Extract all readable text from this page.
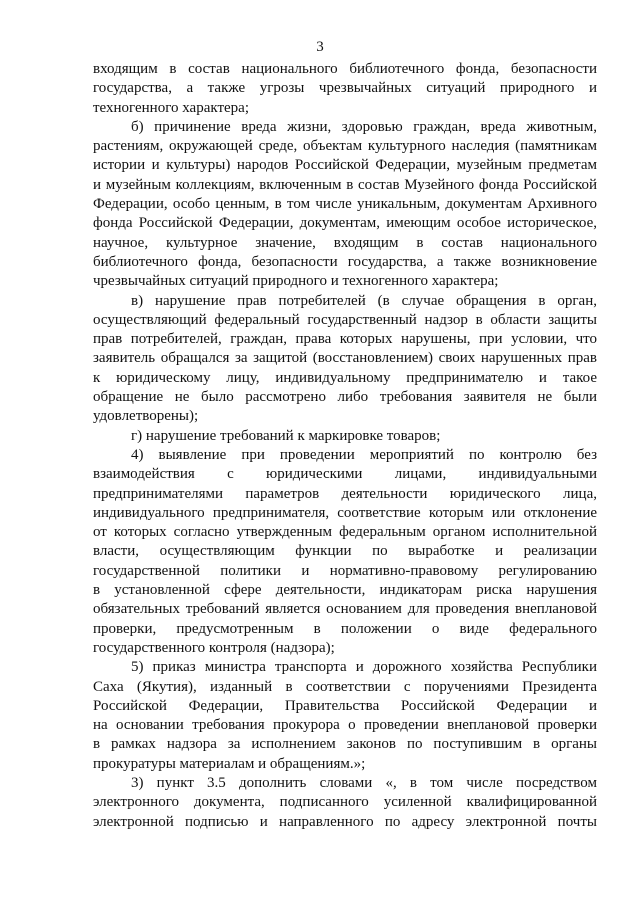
3
входящим в состав национального библиотечного фонда, безопасности
государства, а также угрозы чрезвычайных ситуаций природного и
техногенного характера;
б) причинение вреда жизни, здоровью граждан, вреда животным,
растениям, окружающей среде, объектам культурного наследия (памятникам
истории и культуры) народов Российской Федерации, музейным предметам
и музейным коллекциям, включенным в состав Музейного фонда Российской
Федерации, особо ценным, в том числе уникальным, документам Архивного
фонда Российской Федерации, документам, имеющим особое историческое,
научное, культурное значение, входящим в состав национального
библиотечного фонда, безопасности государства, а также возникновение
чрезвычайных ситуаций природного и техногенного характера;
в) нарушение прав потребителей (в случае обращения в орган,
осуществляющий федеральный государственный надзор в области защиты
прав потребителей, граждан, права которых нарушены, при условии, что
заявитель обращался за защитой (восстановлением) своих нарушенных прав
к юридическому лицу, индивидуальному предпринимателю и такое
обращение не было рассмотрено либо требования заявителя не были
удовлетворены);
г) нарушение требований к маркировке товаров;
4) выявление при проведении мероприятий по контролю без
взаимодействия с юридическими лицами, индивидуальными
предпринимателями параметров деятельности юридического лица,
индивидуального предпринимателя, соответствие которым или отклонение
от которых согласно утвержденным федеральным органом исполнительной
власти, осуществляющим функции по выработке и реализации
государственной политики и нормативно-правовому регулированию
в установленной сфере деятельности, индикаторам риска нарушения
обязательных требований является основанием для проведения внеплановой
проверки, предусмотренным в положении о виде федерального
государственного контроля (надзора);
5) приказ министра транспорта и дорожного хозяйства Республики
Саха (Якутия), изданный в соответствии с поручениями Президента
Российской Федерации, Правительства Российской Федерации и
на основании требования прокурора о проведении внеплановой проверки
в рамках надзора за исполнением законов по поступившим в органы
прокуратуры материалам и обращениям.»;
3) пункт 3.5 дополнить словами «, в том числе посредством
электронного документа, подписанного усиленной квалифицированной
электронной подписью и направленного по адресу электронной почты
